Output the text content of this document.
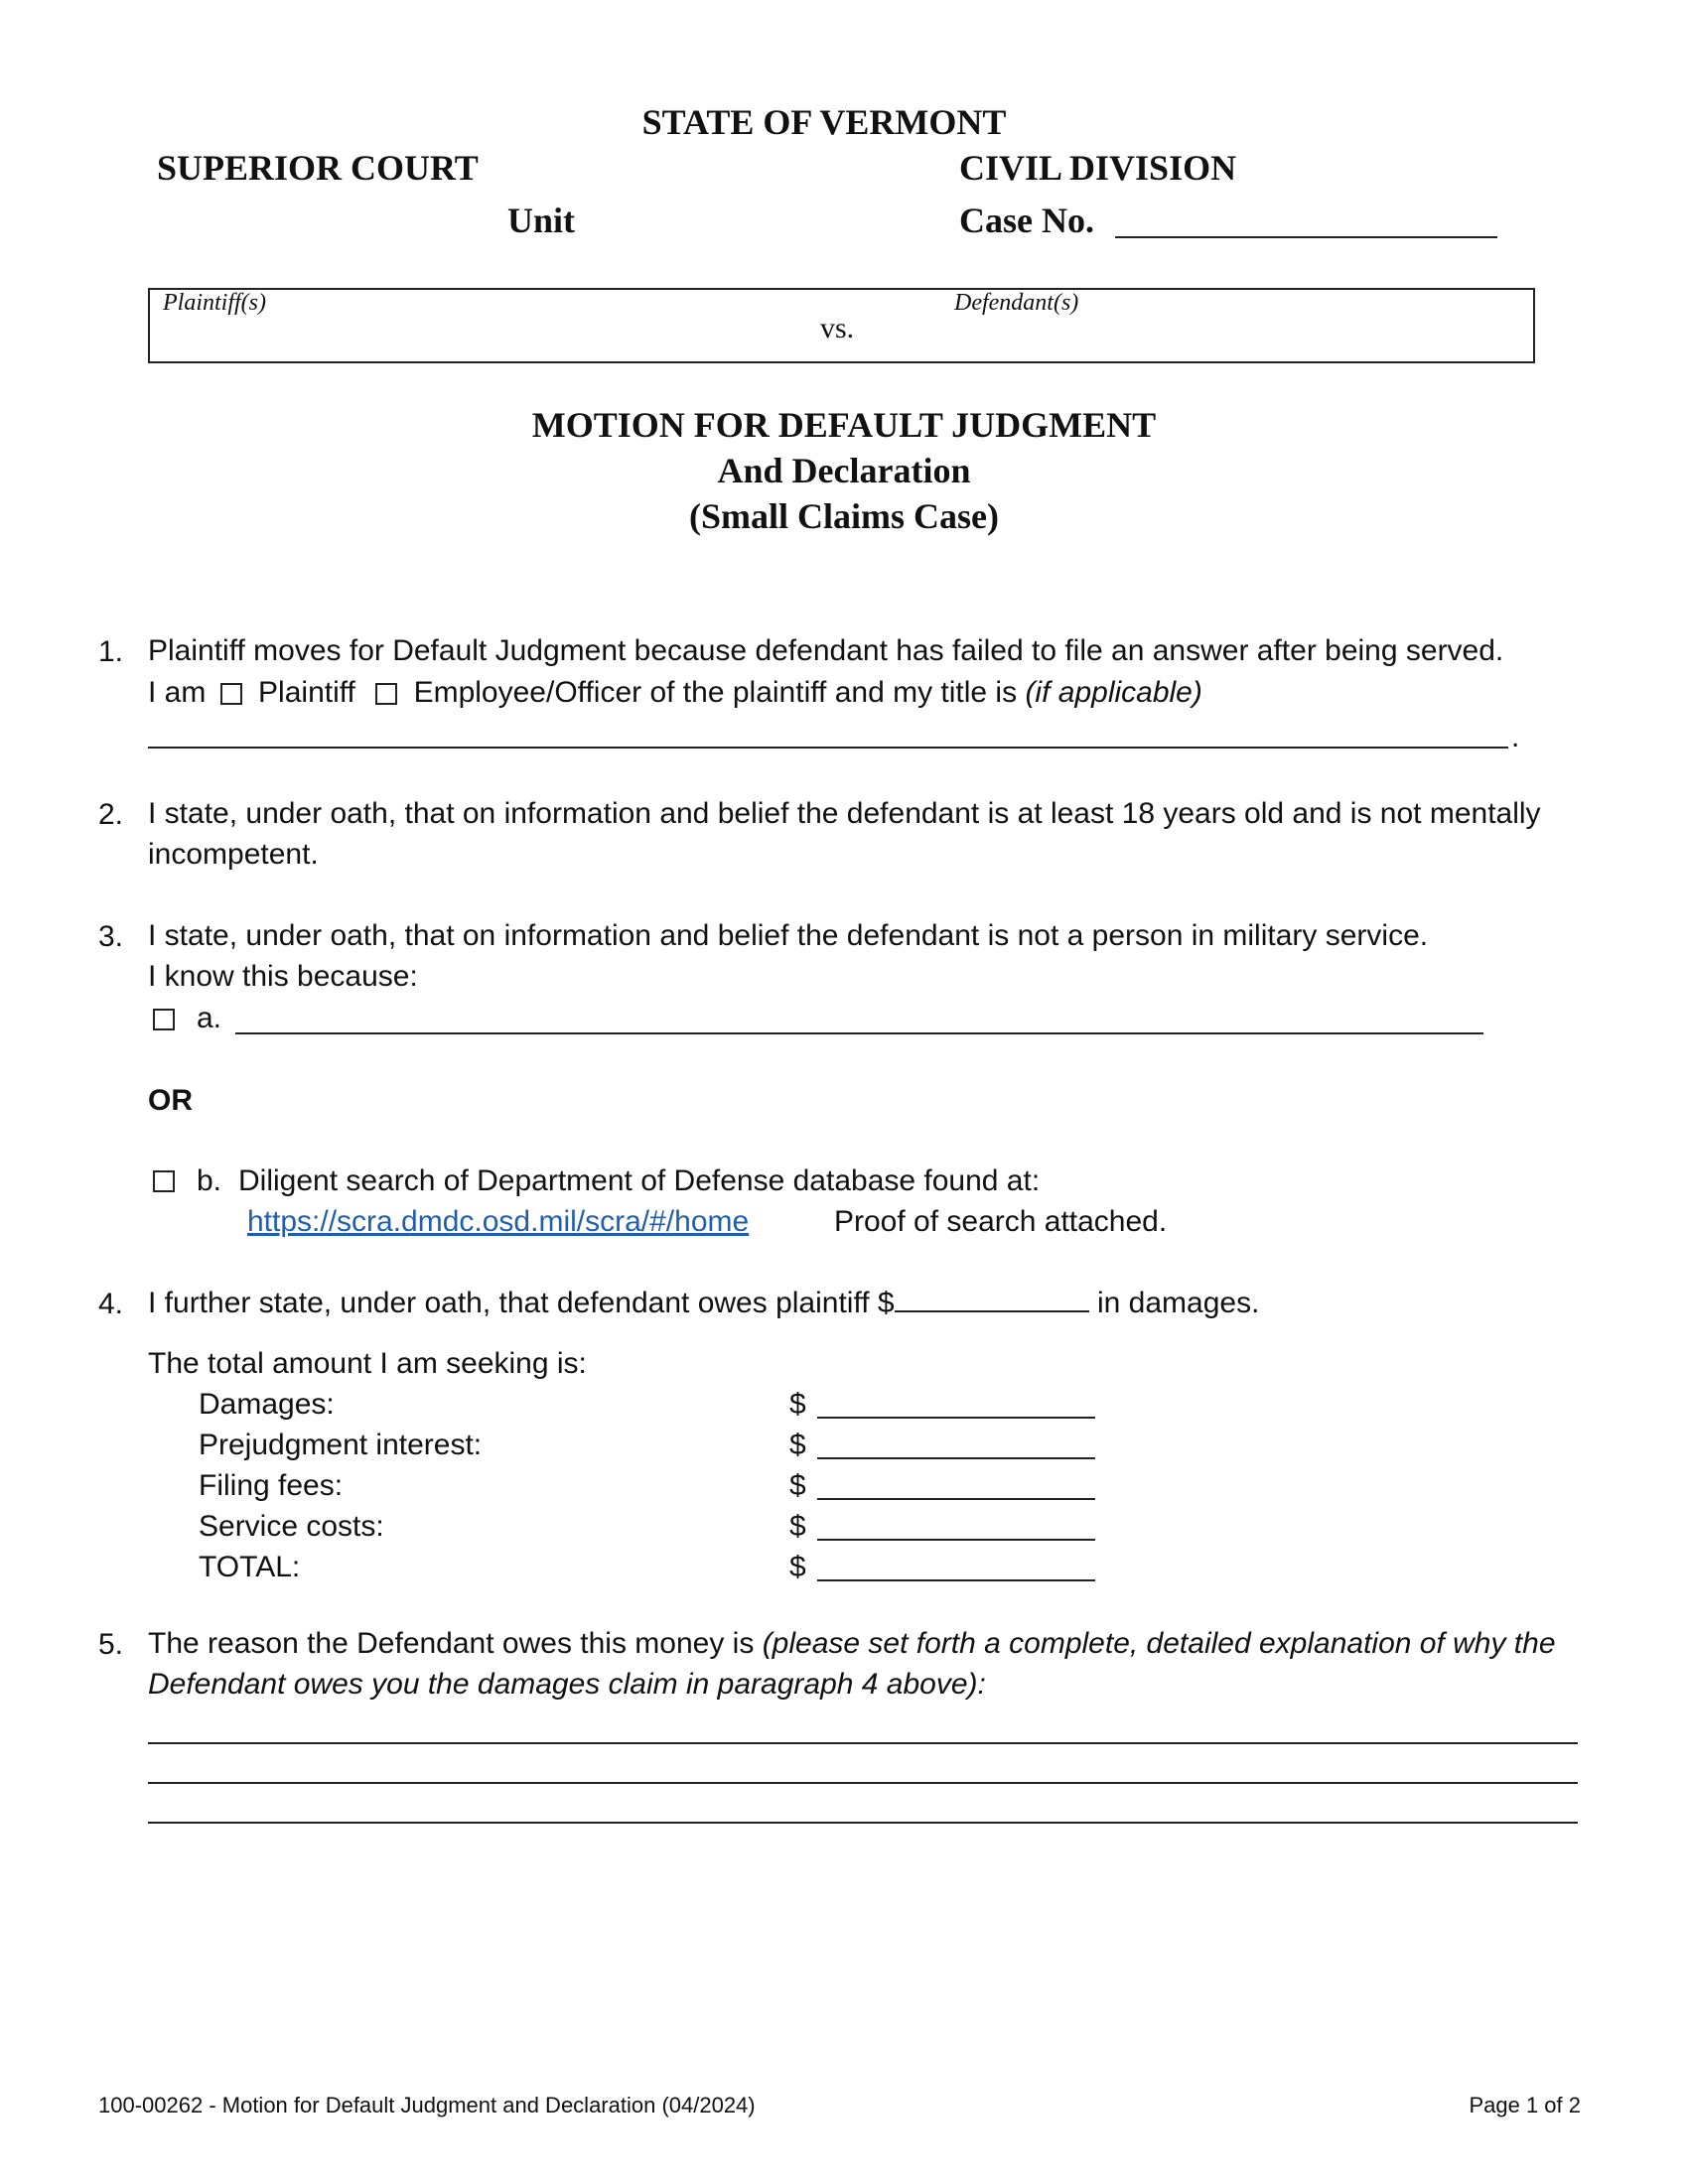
STATE OF VERMONT
SUPERIOR COURT	CIVIL DIVISION
Unit	Case No.
Plaintiff(s)
vs.
Defendant(s)
MOTION FOR DEFAULT JUDGMENT
And Declaration
(Small Claims Case)
1. Plaintiff moves for Default Judgment because defendant has failed to file an answer after being served.
I am Plaintiff Employee/Officer of the plaintiff and my title is (if applicable)
.
2. I state, under oath, that on information and belief the defendant is at least 18 years old and is not mentally
incompetent.
3. I state, under oath, that on information and belief the defendant is not a person in military service.
I know this because:
a.
OR
b. Diligent search of Department of Defense database found at:
https://scra.dmdc.osd.mil/scra/#/home	Proof of search attached.
4. I further state, under oath, that defendant owes plaintiff $	in damages.
The total amount I am seeking is:
Damages:	$
Prejudgment interest:	$
Filing fees:	$
Service costs:	$
TOTAL:	$
5. The reason the Defendant owes this money is (please set forth a complete, detailed explanation of why the
Defendant owes you the damages claim in paragraph 4 above):
100-00262 - Motion for Default Judgment and Declaration (04/2024)	Page 1 of 2
